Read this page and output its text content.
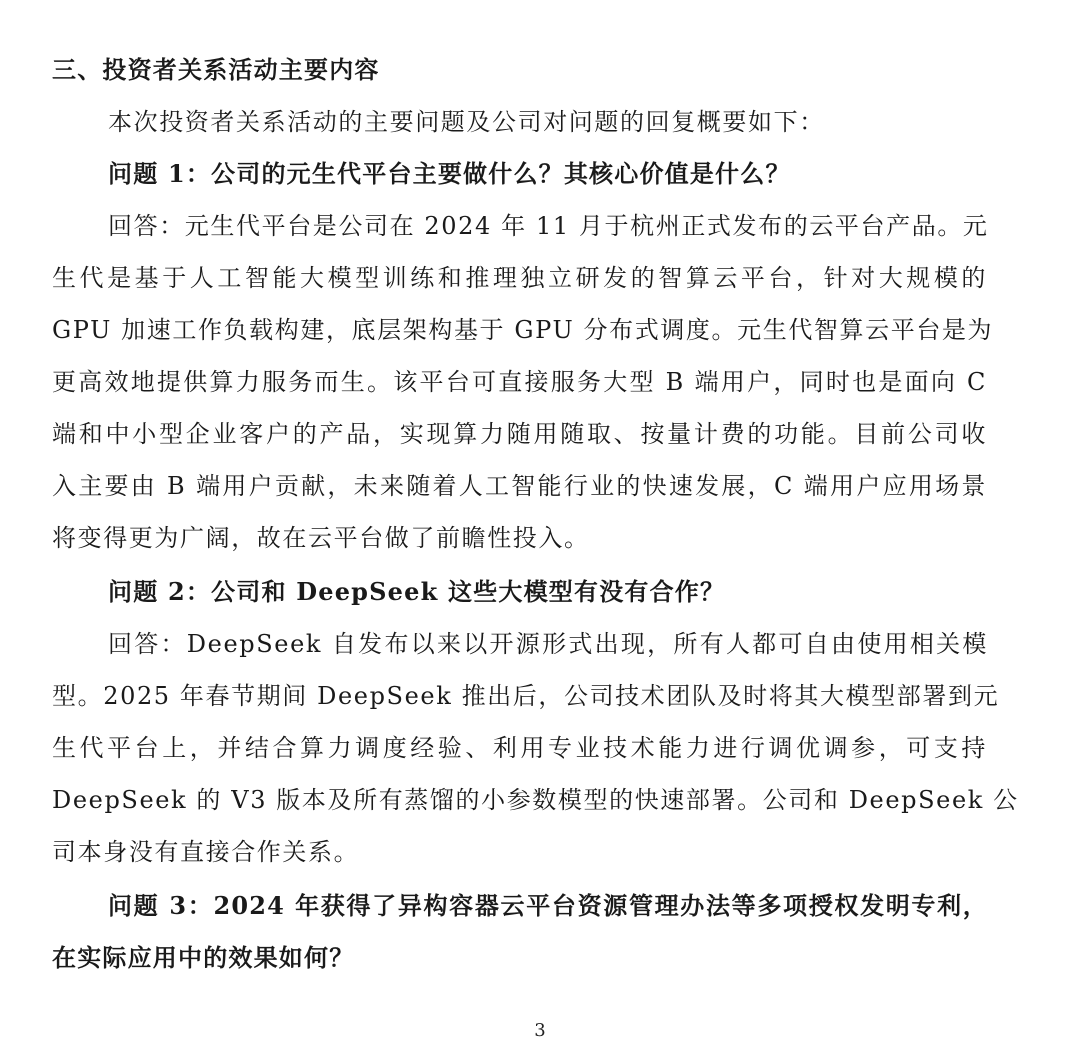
三、投资者关系活动主要内容
本次投资者关系活动的主要问题及公司对问题的回复概要如下：
问题 1：公司的元生代平台主要做什么？其核心价值是什么？
回答：元生代平台是公司在 2024 年 11 月于杭州正式发布的云平台产品。元
生代是基于人工智能大模型训练和推理独立研发的智算云平台，针对大规模的
GPU 加速工作负载构建，底层架构基于 GPU 分布式调度。元生代智算云平台是为
更高效地提供算力服务而生。该平台可直接服务大型 B 端用户，同时也是面向 C
端和中小型企业客户的产品，实现算力随用随取、按量计费的功能。目前公司收
入主要由 B 端用户贡献，未来随着人工智能行业的快速发展，C 端用户应用场景
将变得更为广阔，故在云平台做了前瞻性投入。
问题 2：公司和 DeepSeek 这些大模型有没有合作？
回答：DeepSeek 自发布以来以开源形式出现，所有人都可自由使用相关模
型。2025 年春节期间 DeepSeek 推出后，公司技术团队及时将其大模型部署到元
生代平台上，并结合算力调度经验、利用专业技术能力进行调优调参，可支持
DeepSeek 的 V3 版本及所有蒸馏的小参数模型的快速部署。公司和 DeepSeek 公
司本身没有直接合作关系。
问题 3：2024 年获得了异构容器云平台资源管理办法等多项授权发明专利，
在实际应用中的效果如何？
3
